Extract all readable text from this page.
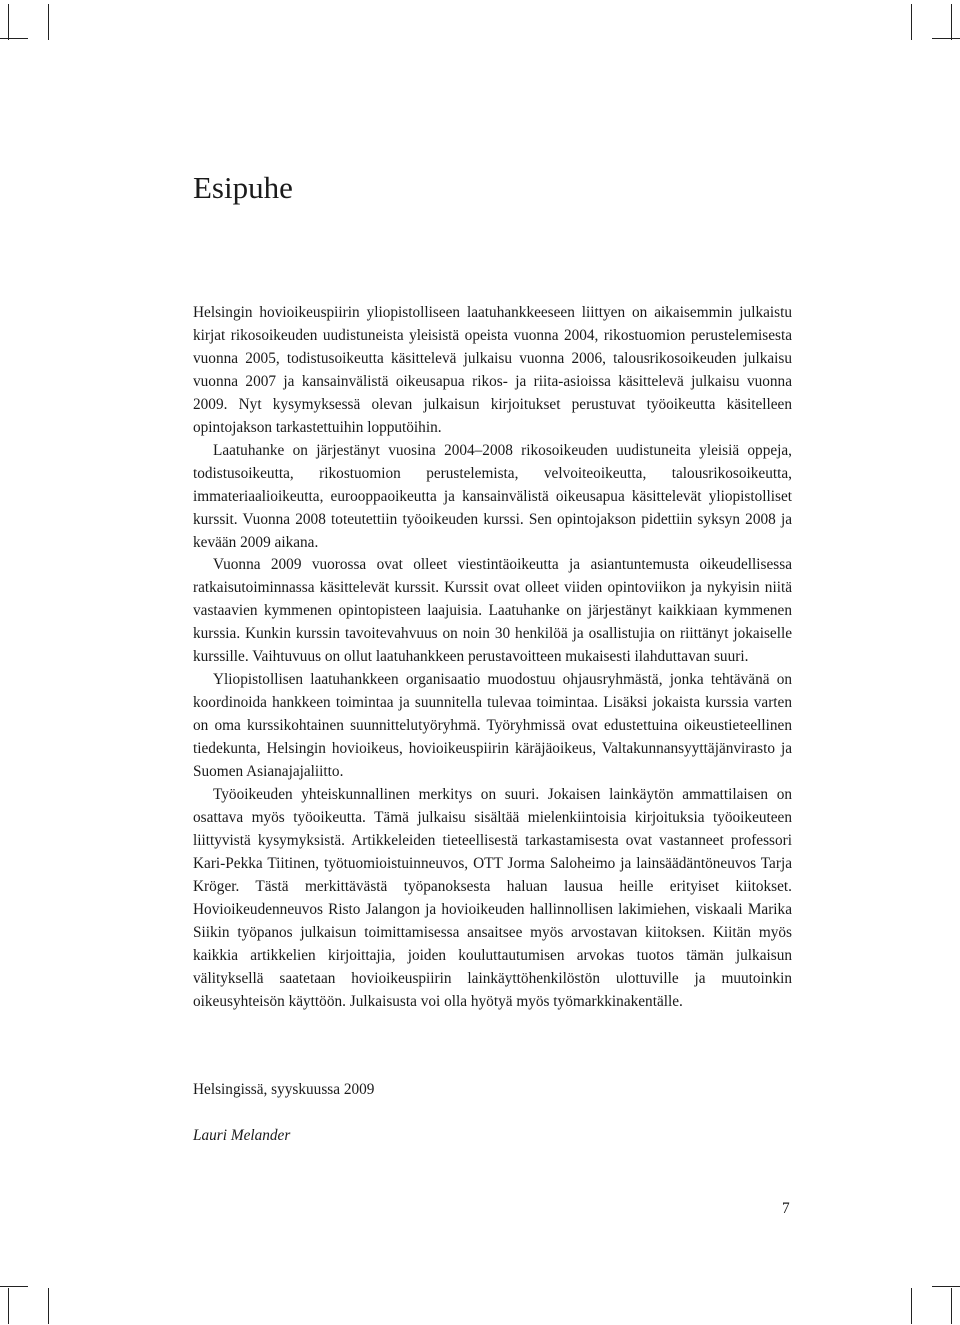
Esipuhe

Helsingin hovioikeuspiirin yliopistolliseen laatuhankkeeseen liittyen on aikaisemmin julkaistu kirjat rikosoikeuden uudistuneista yleisistä opeista vuonna 2004, rikostuomion perustelemisesta vuonna 2005, todistusoikeutta käsittelevä julkaisu vuonna 2006, talousrikosoikeuden julkaisu vuonna 2007 ja kansainvälistä oikeusapua rikos- ja riita-asioissa käsittelevä julkaisu vuonna 2009. Nyt kysymyksessä olevan julkaisun kirjoitukset perustuvat työoikeutta käsitelleen opintojakson tarkastettuihin lopputöihin.

Laatuhanke on järjestänyt vuosina 2004–2008 rikosoikeuden uudistuneita yleisiä oppeja, todistusoikeutta, rikostuomion perustelemista, velvoiteoikeutta, talousrikosoikeutta, immateriaalioikeutta, eurooppaoikeutta ja kansainvälistä oikeusapua käsittelevät yliopistolliset kurssit. Vuonna 2008 toteutettiin työoikeuden kurssi. Sen opintojakson pidettiin syksyn 2008 ja kevään 2009 aikana.

Vuonna 2009 vuorossa ovat olleet viestintäoikeutta ja asiantuntemusta oikeudellisessa ratkaisutoiminnassa käsittelevät kurssit. Kurssit ovat olleet viiden opintoviikon ja nykyisin niitä vastaavien kymmenen opintopisteen laajuisia. Laatuhanke on järjestänyt kaikkiaan kymmenen kurssia. Kunkin kurssin tavoitevahvuus on noin 30 henkilöä ja osallistujia on riittänyt jokaiselle kurssille. Vaihtuvuus on ollut laatuhankkeen perustavoitteen mukaisesti ilahduttavan suuri.

Yliopistollisen laatuhankkeen organisaatio muodostuu ohjausryhmästä, jonka tehtävänä on koordinoida hankkeen toimintaa ja suunnitella tulevaa toimintaa. Lisäksi jokaista kurssia varten on oma kurssikohtainen suunnittelutyöryhmä. Työryhmissä ovat edustettuina oikeustieteellinen tiedekunta, Helsingin hovioikeus, hovioikeuspiirin käräjäoikeus, Valtakunnansyyttäjänvirasto ja Suomen Asianajajaliitto.

Työoikeuden yhteiskunnallinen merkitys on suuri. Jokaisen lainkäytön ammattilaisen on osattava myös työoikeutta. Tämä julkaisu sisältää mielenkiintoisia kirjoituksia työoikeuteen liittyvistä kysymyksistä. Artikkeleiden tieteellisestä tarkastamisesta ovat vastanneet professori Kari-Pekka Tiitinen, työtuomioistuinneuvos, OTT Jorma Saloheimo ja lainsäädäntöneuvos Tarja Kröger. Tästä merkittävästä työpanoksesta haluan lausua heille erityiset kiitokset. Hovioikeudenneuvos Risto Jalangon ja hovioikeuden hallinnollisen lakimiehen, viskaali Marika Siikin työpanos julkaisun toimittamisessa ansaitsee myös arvostavan kiitoksen. Kiitän myös kaikkia artikkelien kirjoittajia, joiden kouluttautumisen arvokas tuotos tämän julkaisun välityksellä saatetaan hovioikeuspiirin lainkäyttöhenkilöstön ulottuville ja muutoinkin oikeusyhteisön käyttöön. Julkaisusta voi olla hyötyä myös työmarkkinakentälle.

Helsingissä, syyskuussa 2009
Lauri Melander
7
